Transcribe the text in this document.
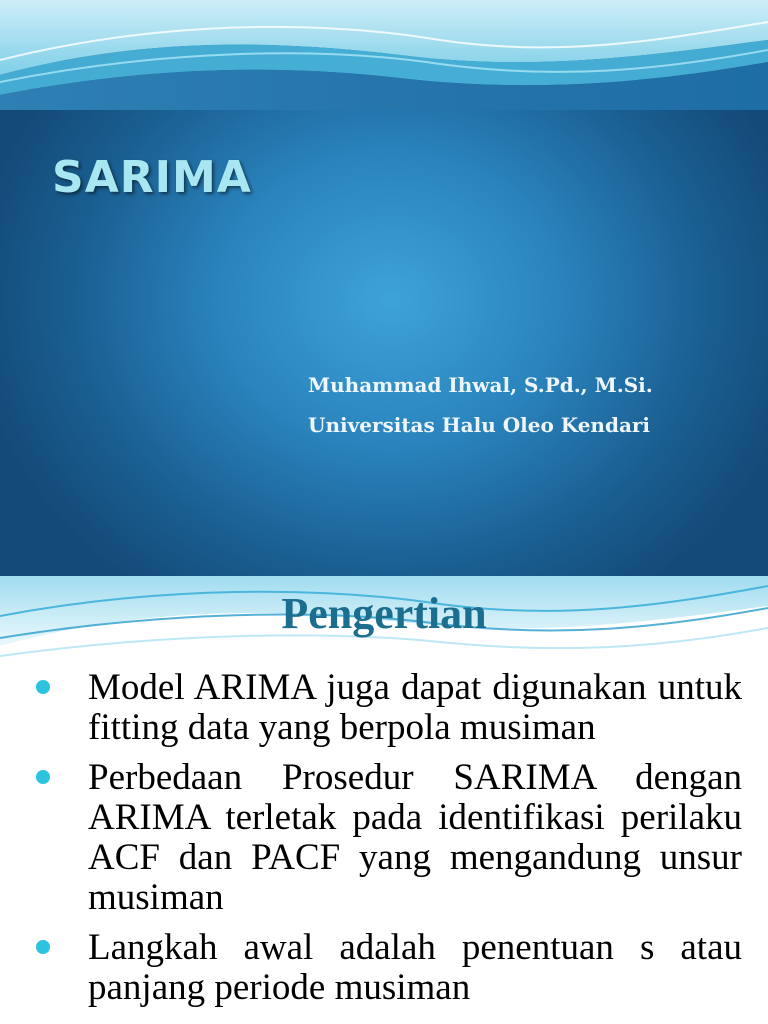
SARIMA
Muhammad Ihwal, S.Pd., M.Si.
Universitas Halu Oleo Kendari
Pengertian
Model ARIMA juga dapat digunakan untuk fitting data yang berpola musiman
Perbedaan Prosedur SARIMA dengan ARIMA terletak pada identifikasi perilaku ACF dan PACF yang mengandung unsur musiman
Langkah awal adalah penentuan s atau panjang periode musiman
